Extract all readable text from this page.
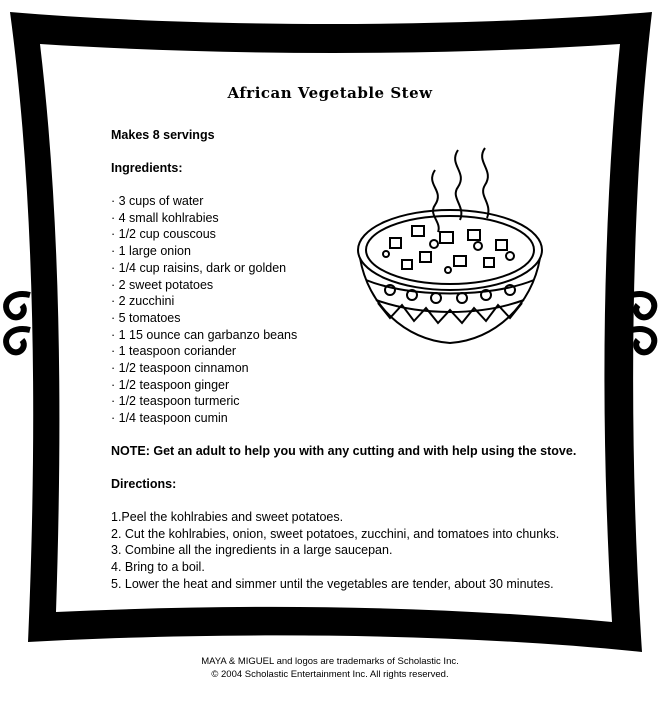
African Vegetable Stew
Makes 8 servings
Ingredients:
· 3 cups of water
· 4 small kohlrabies
· 1/2 cup couscous
· 1 large onion
· 1/4 cup raisins, dark or golden
· 2 sweet potatoes
· 2 zucchini
· 5 tomatoes
· 1 15 ounce can garbanzo beans
· 1 teaspoon coriander
· 1/2 teaspoon cinnamon
· 1/2 teaspoon ginger
· 1/2 teaspoon turmeric
· 1/4 teaspoon cumin
NOTE: Get an adult to help you with any cutting and with help using the stove.
Directions:
1.Peel the kohlrabies and sweet potatoes.
2. Cut the kohlrabies, onion, sweet potatoes, zucchini, and tomatoes into chunks.
3. Combine all the ingredients in a large saucepan.
4. Bring to a boil.
5. Lower the heat and simmer until the vegetables are tender, about 30 minutes.
MAYA & MIGUEL and logos are trademarks of Scholastic Inc.
© 2004 Scholastic Entertainment Inc. All rights reserved.
